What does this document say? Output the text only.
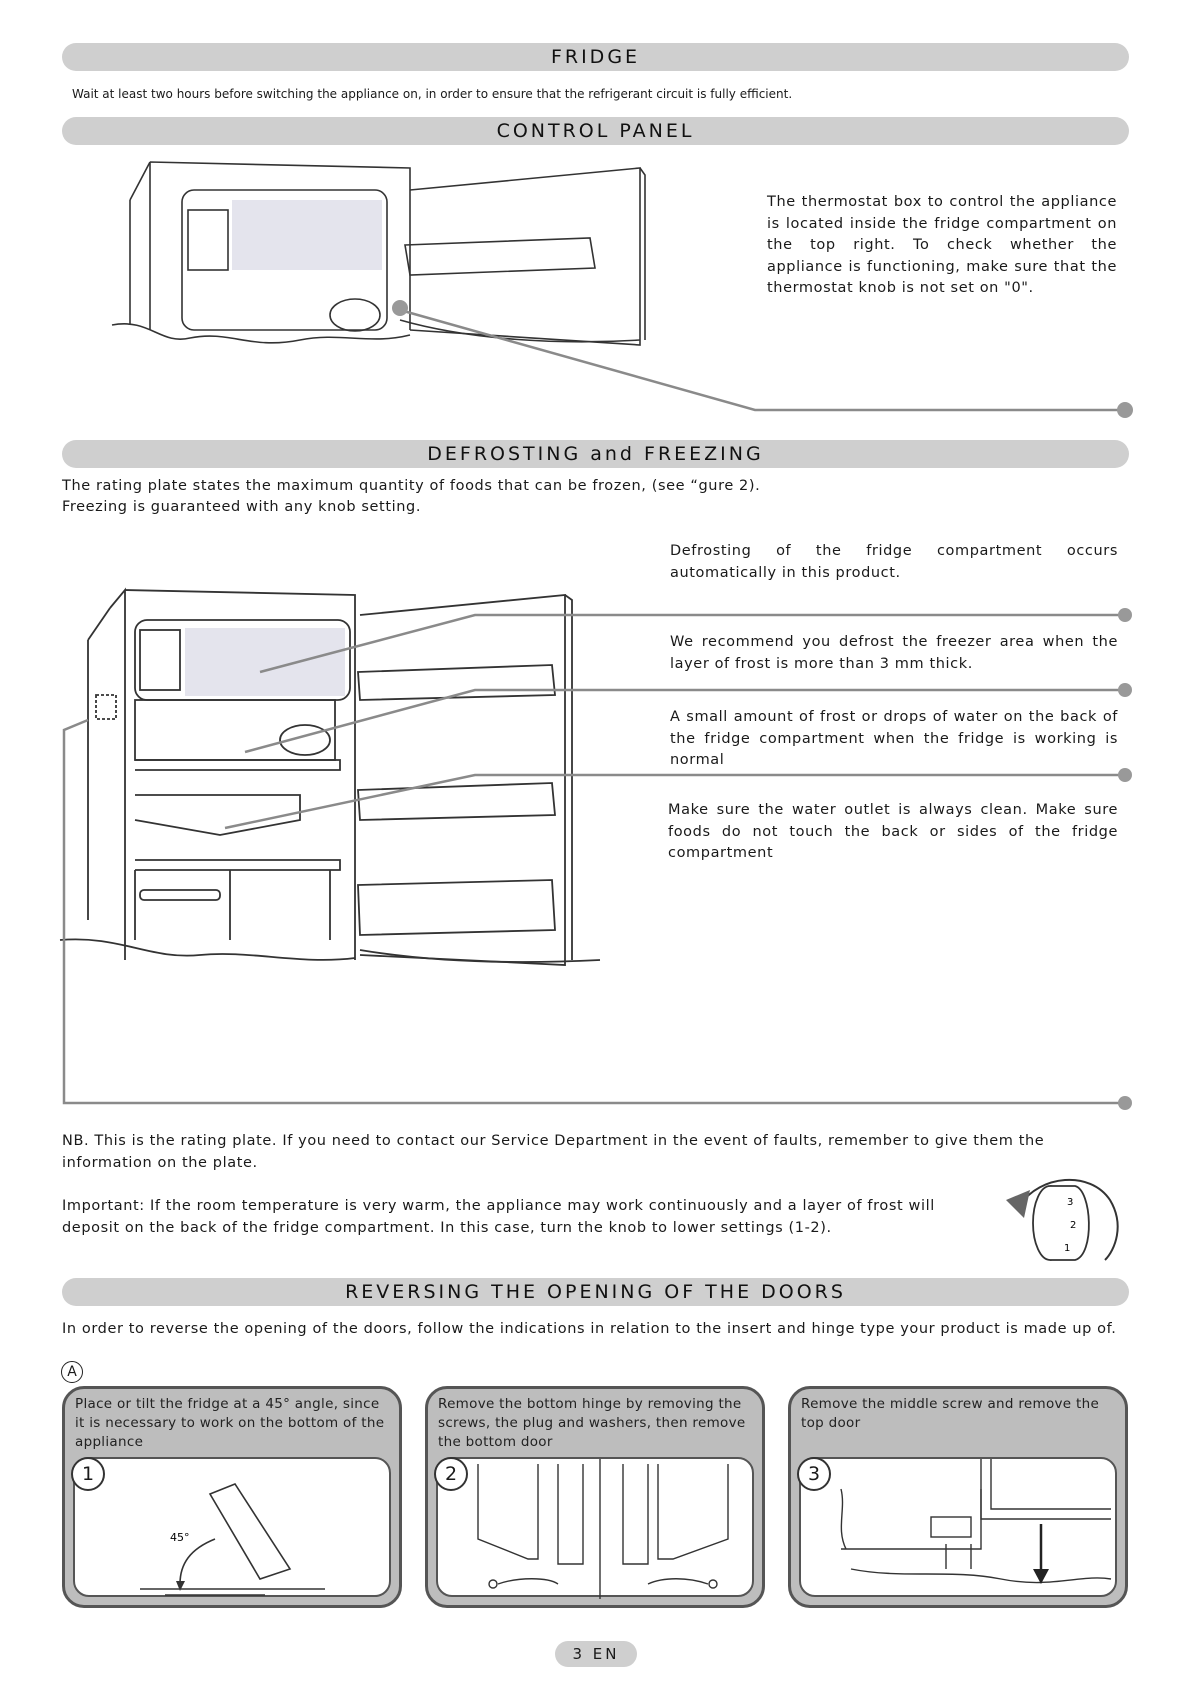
FRIDGE
Wait at least two hours before switching the appliance on, in order to ensure that the refrigerant circuit is fully efficient.
CONTROL PANEL
The thermostat box to control the appliance is located inside the fridge compartment on the top right. To check whether the appliance is functioning, make sure that the thermostat knob is not set on "0".
DEFROSTING and FREEZING
The rating plate states the maximum quantity of foods that can be frozen, (see “gure 2).
Freezing is guaranteed with any knob setting.
Defrosting of the fridge compartment occurs automatically in this product.
We recommend you defrost the freezer area when the layer of frost is more than 3 mm thick.
A small amount of frost or drops of water on the back of the fridge compartment when the fridge is working is normal
Make sure the water outlet is always clean. Make sure foods do not touch the back or sides of the fridge compartment
NB. This is the rating plate. If you need to contact our Service Department in the event of faults, remember to give them the information on the plate.
Important: If the room temperature is very warm, the appliance may work continuously and a layer of frost will deposit on the back of the fridge compartment. In this case, turn the knob to lower settings (1-2).
3
2
1
REVERSING THE OPENING OF THE DOORS
In order to reverse the opening of the doors, follow the indications in relation to the insert and hinge type your product is made up of.
A
Place or tilt the fridge at a 45° angle, since it is necessary to work on the bottom of the appliance
45°
1
Remove the bottom hinge by removing the screws, the plug and washers, then remove the bottom door
2
Remove the middle screw and remove the top door
3
3 EN
